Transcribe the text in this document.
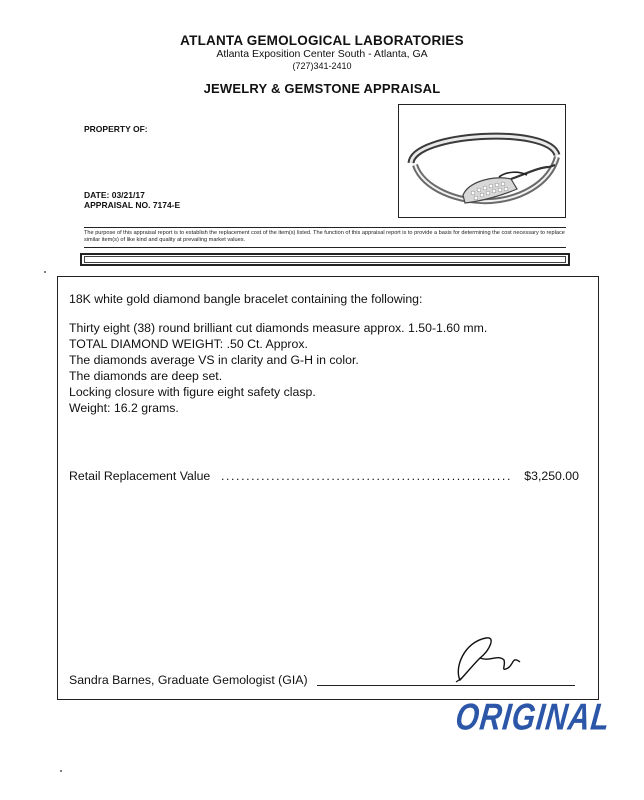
ATLANTA GEMOLOGICAL LABORATORIES
Atlanta Exposition Center South - Atlanta, GA
(727)341-2410
JEWELRY & GEMSTONE APPRAISAL
PROPERTY OF:
DATE: 03/21/17
APPRAISAL NO. 7174-E
The purpose of this appraisal report is to establish the replacement cost of the item(s) listed. The function of this appraisal report is to provide a basis for determining the cost necessary to replace similar item(s) of like kind and quality at prevailing market values.
18K white gold diamond bangle bracelet containing the following:
Thirty eight (38) round brilliant cut diamonds measure approx. 1.50-1.60 mm.
TOTAL DIAMOND WEIGHT: .50 Ct. Approx.
The diamonds average VS in clarity and G-H in color.
The diamonds are deep set.
Locking closure with figure eight safety clasp.
Weight: 16.2 grams.
Retail Replacement Value .......................................................... $3,250.00
Sandra Barnes, Graduate Gemologist (GIA)
ORIGINAL
